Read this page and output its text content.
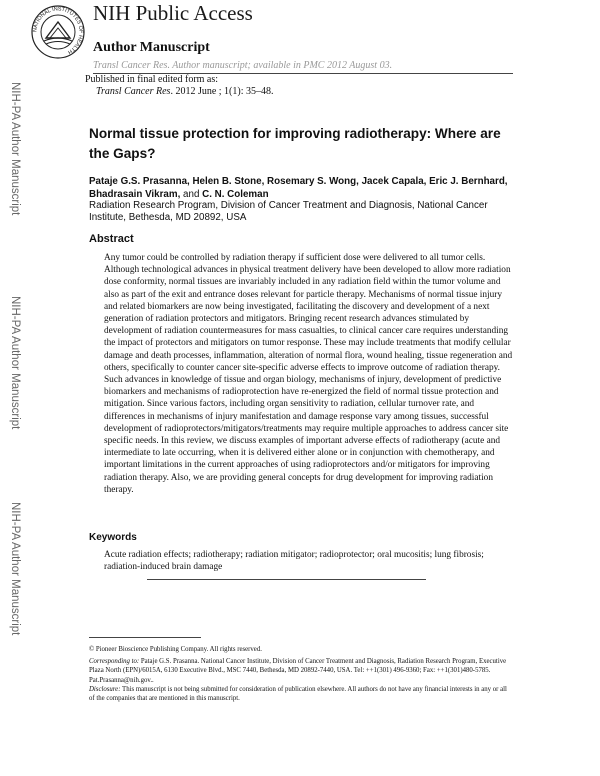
NATIONAL INSTITUTES OF HEALTH
NIH Public Access
Author Manuscript
Transl Cancer Res. Author manuscript; available in PMC 2012 August 03.
Published in final edited form as:
Transl Cancer Res. 2012 June ; 1(1): 35–48.
NIH-PA Author Manuscript
NIH-PA Author Manuscript
NIH-PA Author Manuscript
Normal tissue protection for improving radiotherapy: Where are the Gaps?
Pataje G.S. Prasanna, Helen B. Stone, Rosemary S. Wong, Jacek Capala, Eric J. Bernhard, Bhadrasain Vikram, and C. N. Coleman
Radiation Research Program, Division of Cancer Treatment and Diagnosis, National Cancer Institute, Bethesda, MD 20892, USA
Abstract
Any tumor could be controlled by radiation therapy if sufficient dose were delivered to all tumor cells. Although technological advances in physical treatment delivery have been developed to allow more radiation dose conformity, normal tissues are invariably included in any radiation field within the tumor volume and also as part of the exit and entrance doses relevant for particle therapy. Mechanisms of normal tissue injury and related biomarkers are now being investigated, facilitating the discovery and development of a next generation of radiation protectors and mitigators. Bringing recent research advances stimulated by development of radiation countermeasures for mass casualties, to clinical cancer care requires understanding the impact of protectors and mitigators on tumor response. These may include treatments that modify cellular damage and death processes, inflammation, alteration of normal flora, wound healing, tissue regeneration and others, specifically to counter cancer site-specific adverse effects to improve outcome of radiation therapy. Such advances in knowledge of tissue and organ biology, mechanisms of injury, development of predictive biomarkers and mechanisms of radioprotection have re-energized the field of normal tissue protection and mitigation. Since various factors, including organ sensitivity to radiation, cellular turnover rate, and differences in mechanisms of injury manifestation and damage response vary among tissues, successful development of radioprotectors/mitigators/treatments may require multiple approaches to address cancer site specific needs. In this review, we discuss examples of important adverse effects of radiotherapy (acute and intermediate to late occurring, when it is delivered either alone or in conjunction with chemotherapy, and important limitations in the current approaches of using radioprotectors and/or mitigators for improving radiation therapy. Also, we are providing general concepts for drug development for improving radiation therapy.
Keywords
Acute radiation effects; radiotherapy; radiation mitigator; radioprotector; oral mucositis; lung fibrosis; radiation-induced brain damage
© Pioneer Bioscience Publishing Company. All rights reserved.
Corresponding to: Pataje G.S. Prasanna. National Cancer Institute, Division of Cancer Treatment and Diagnosis, Radiation Research Program, Executive Plaza North (EPN)/6015A, 6130 Executive Blvd., MSC 7440, Bethesda, MD 20892-7440, USA. Tel: ++1(301) 496-9360; Fax: ++1(301)480-5785. Pat.Prasanna@nih.gov..
Disclosure: This manuscript is not being submitted for consideration of publication elsewhere. All authors do not have any financial interests in any or all of the companies that are mentioned in this manuscript.
